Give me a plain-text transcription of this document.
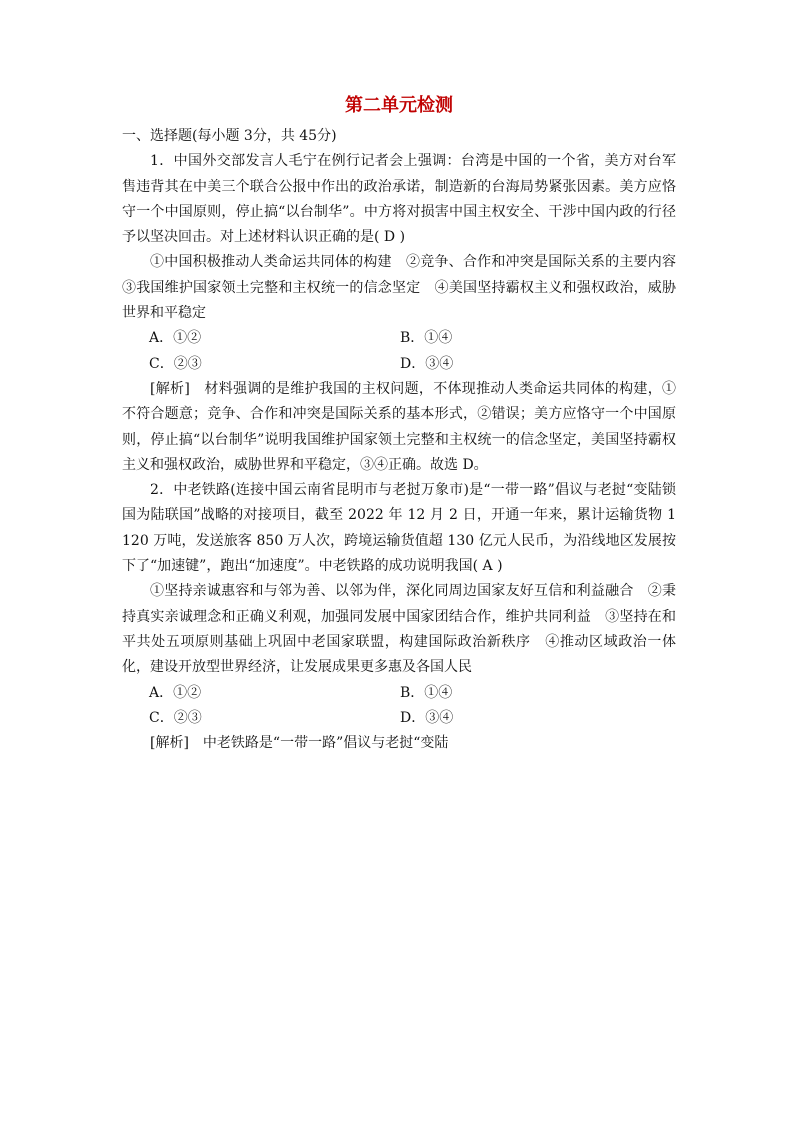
第二单元检测

一、选择题(每小题 3分，共 45分)

1．中国外交部发言人毛宁在例行记者会上强调：台湾是中国的一个省，美方对台军售违背其在中美三个联合公报中作出的政治承诺，制造新的台海局势紧张因素。美方应恪守一个中国原则，停止搞“以台制华”。中方将对损害中国主权安全、干涉中国内政的行径予以坚决回击。对上述材料认识正确的是( D )

①中国积极推动人类命运共同体的构建　②竞争、合作和冲突是国际关系的主要内容　③我国维护国家领土完整和主权统一的信念坚定　④美国坚持霸权主义和强权政治，威胁世界和平稳定

A．①②	B．①④
C．②③	D．③④

[解析]　材料强调的是维护我国的主权问题，不体现推动人类命运共同体的构建，①不符合题意；竞争、合作和冲突是国际关系的基本形式，②错误；美方应恪守一个中国原则，停止搞“以台制华”说明我国维护国家领土完整和主权统一的信念坚定，美国坚持霸权主义和强权政治，威胁世界和平稳定，③④正确。故选 D。

2．中老铁路(连接中国云南省昆明市与老挝万象市)是“一带一路”倡议与老挝“变陆锁国为陆联国”战略的对接项目，截至 2022 年 12 月 2 日，开通一年来，累计运输货物 1 120 万吨，发送旅客 850 万人次，跨境运输货值超 130 亿元人民币，为沿线地区发展按下了“加速键”，跑出“加速度”。中老铁路的成功说明我国( A )

①坚持亲诚惠容和与邻为善、以邻为伴，深化同周边国家友好互信和利益融合　②秉持真实亲诚理念和正确义利观，加强同发展中国家团结合作，维护共同利益　③坚持在和平共处五项原则基础上巩固中老国家联盟，构建国际政治新秩序　④推动区域政治一体化，建设开放型世界经济，让发展成果更多惠及各国人民

A．①②	B．①④
C．②③	D．③④

[解析]　中老铁路是“一带一路”倡议与老挝“变陆
